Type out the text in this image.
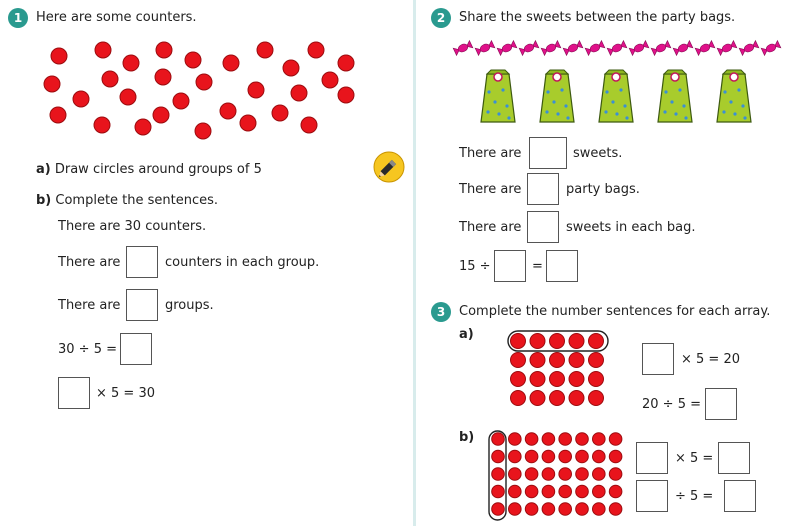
1	Here are some counters.
a) Draw circles around groups of 5
b) Complete the sentences.
There are 30 counters.
There are	counters in each group.
There are	groups.
30 ÷ 5 =
× 5 = 30
2	Share the sweets between the party bags.
There are	sweets.
There are	party bags.
There are	sweets in each bag.
15 ÷	=
3	Complete the number sentences for each array.
a)
× 5 = 20
20 ÷ 5 =
b)
× 5 =
÷ 5 =
